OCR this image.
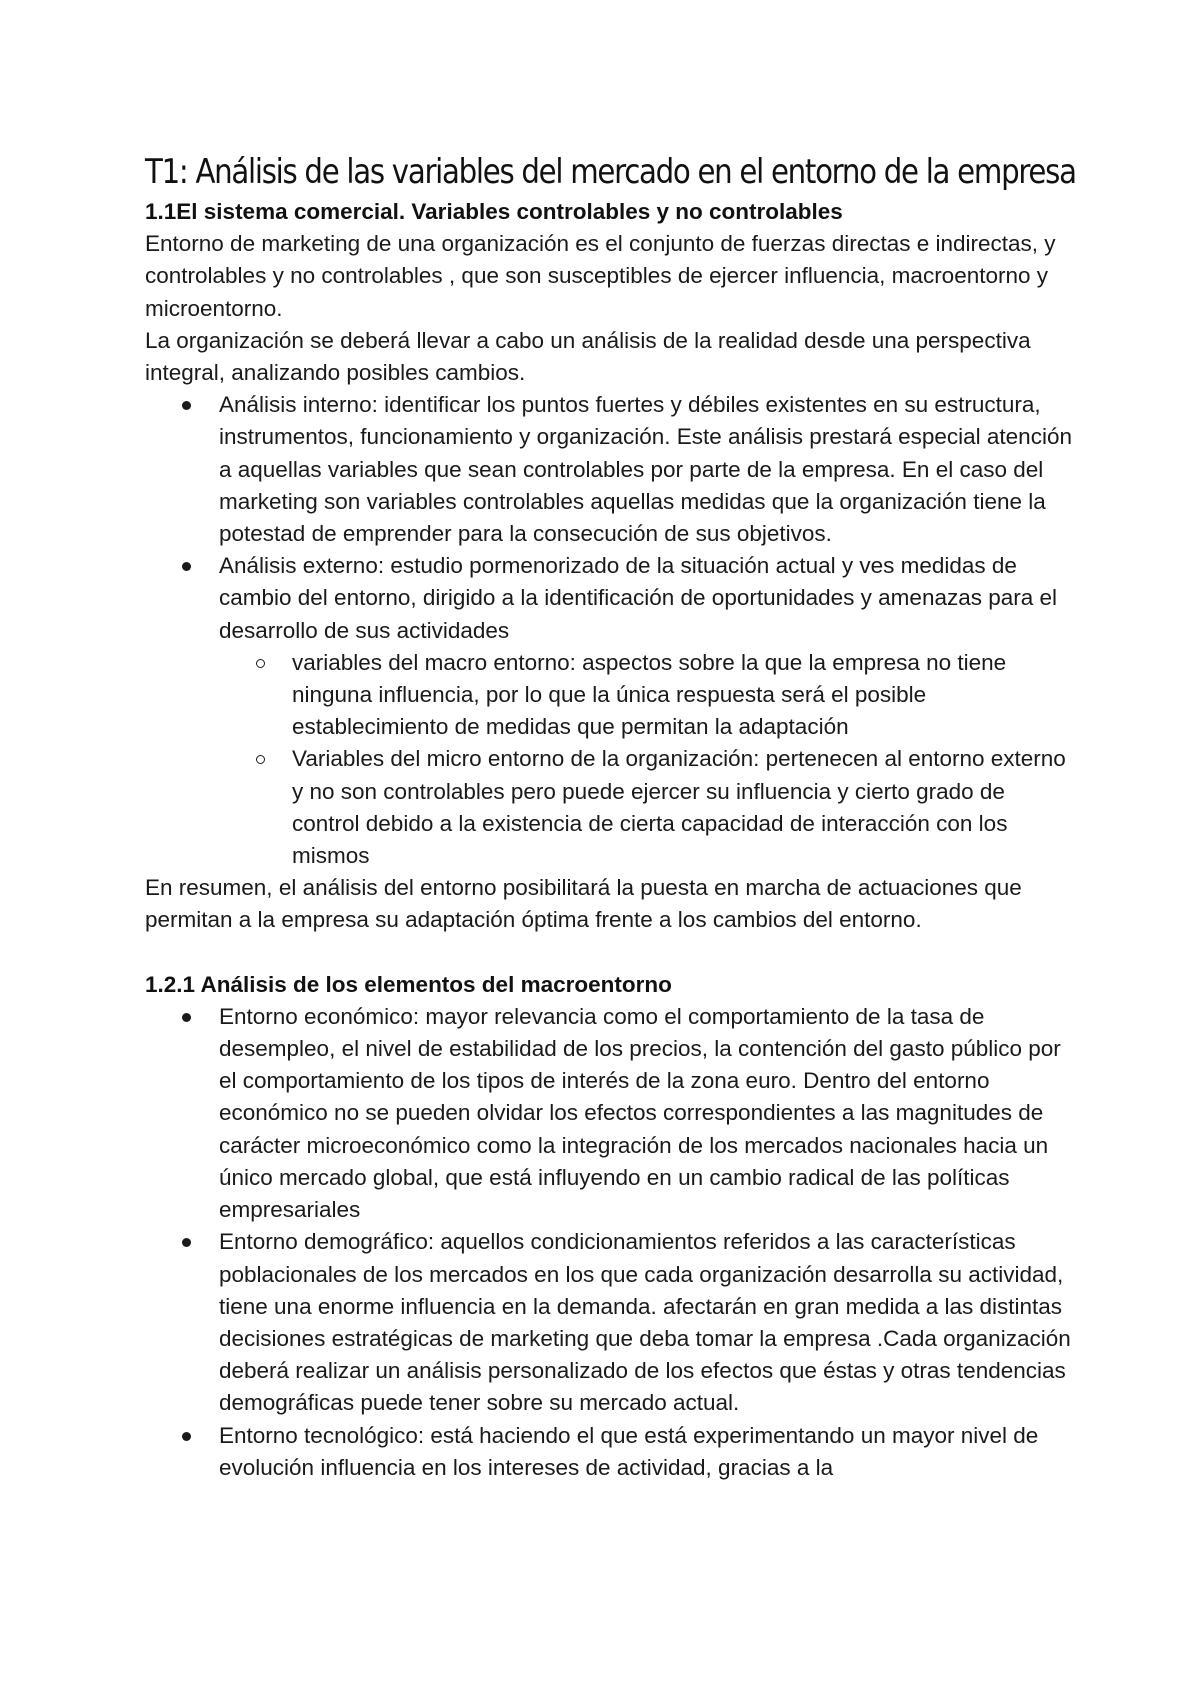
T1: Análisis de las variables del mercado en el entorno de la empresa
1.1El sistema comercial. Variables controlables y no controlables

Entorno de marketing de una organización es el conjunto de fuerzas directas e indirectas, y controlables y no controlables , que son susceptibles de ejercer influencia, macroentorno y microentorno.

La organización se deberá llevar a cabo un análisis de la realidad desde una perspectiva integral, analizando posibles cambios.

Análisis interno: identificar los puntos fuertes y débiles existentes en su estructura, instrumentos, funcionamiento y organización. Este análisis prestará especial atención a aquellas variables que sean controlables por parte de la empresa. En el caso del marketing son variables controlables aquellas medidas que la organización tiene la potestad de emprender para la consecución de sus objetivos.
Análisis externo: estudio pormenorizado de la situación actual y ves medidas de cambio del entorno, dirigido a la identificación de oportunidades y amenazas para el desarrollo de sus actividades
variables del macro entorno: aspectos sobre la que la empresa no tiene ninguna influencia, por lo que la única respuesta será el posible establecimiento de medidas que permitan la adaptación
Variables del micro entorno de la organización: pertenecen al entorno externo y no son controlables pero puede ejercer su influencia y cierto grado de control debido a la existencia de cierta capacidad de interacción con los mismos

En resumen, el análisis del entorno posibilitará la puesta en marcha de actuaciones que permitan a la empresa su adaptación óptima frente a los cambios del entorno.

1.2.1 Análisis de los elementos del macroentorno
Entorno económico: mayor relevancia como el comportamiento de la tasa de desempleo, el nivel de estabilidad de los precios, la contención del gasto público por el comportamiento de los tipos de interés de la zona euro. Dentro del entorno económico no se pueden olvidar los efectos correspondientes a las magnitudes de carácter microeconómico como la integración de los mercados nacionales hacia un único mercado global, que está influyendo en un cambio radical de las políticas empresariales
Entorno demográfico: aquellos condicionamientos referidos a las características poblacionales de los mercados en los que cada organización desarrolla su actividad, tiene una enorme influencia en la demanda. afectarán en gran medida a las distintas decisiones estratégicas de marketing que deba tomar la empresa .Cada organización deberá realizar un análisis personalizado de los efectos que éstas y otras tendencias demográficas puede tener sobre su mercado actual.
Entorno tecnológico: está haciendo el que está experimentando un mayor nivel de evolución influencia en los intereses de actividad, gracias a la
